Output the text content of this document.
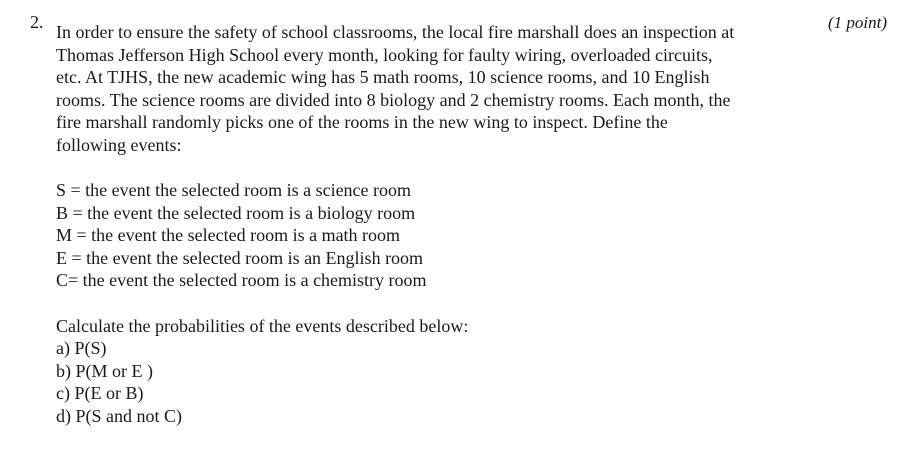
2.	(1 point)
In order to ensure the safety of school classrooms, the local fire marshall does an inspection at
Thomas Jefferson High School every month, looking for faulty wiring, overloaded circuits,
etc. At TJHS, the new academic wing has 5 math rooms, 10 science rooms, and 10 English
rooms. The science rooms are divided into 8 biology and 2 chemistry rooms. Each month, the
fire marshall randomly picks one of the rooms in the new wing to inspect. Define the
following events:
S = the event the selected room is a science room
B = the event the selected room is a biology room
M = the event the selected room is a math room
E = the event the selected room is an English room
C= the event the selected room is a chemistry room
Calculate the probabilities of the events described below:
a) P(S)
b) P(M or E )
c) P(E or B)
d) P(S and not C)
